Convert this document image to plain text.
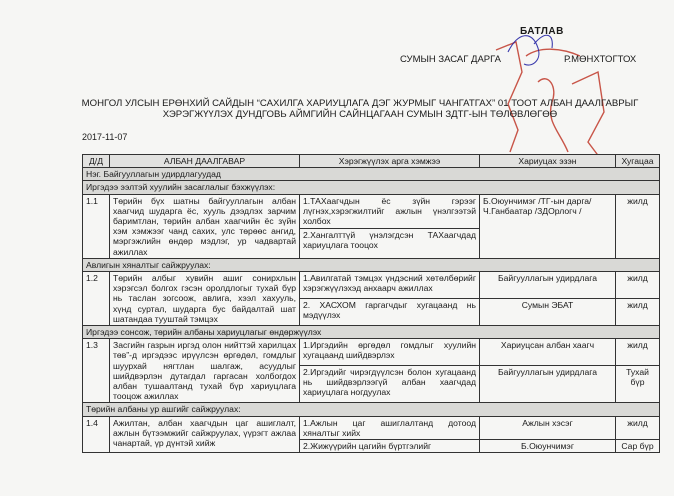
БАТЛАВ
СУМЫН ЗАСАГ ДАРГА	Р.МӨНХТОГТОХ
МОНГОЛ УЛСЫН ЕРӨНХИЙ САЙДЫН “САХИЛГА ХАРИУЦЛАГА ДЭГ ЖУРМЫГ ЧАНГАТГАХ” 01 ТООТ АЛБАН ДААЛГАВРЫГ
ХЭРЭГЖҮҮЛЭХ ДУНДГОВЬ АЙМГИЙН САЙНЦАГААН СУМЫН ЗДТГ-ЫН ТӨЛӨВЛӨГӨӨ
2017-11-07
Д/Д	АЛБАН ДААЛГАВАР	Хэрэгжүүлэх арга хэмжээ	Хариуцах эзэн	Хугацаа
Нэг. Байгууллагын удирдлагуудад				
Иргэдээ ээлтэй хуулийн засаглалыг бэхжүүлэх:				
1.1	Төрийн бүх шатны байгууллагын албан хаагчид шударга ёс, хууль дээдлэх зарчим баримтлан, төрийн албан хаагчийн ёс зүйн хэм хэмжээг чанд сахих, улс төрөөс ангид, мэргэжлийн өндөр мэдлэг, ур чадвартай ажиллах	1.ТАХаагчдын ёс зүйн гэрээг лүгнэх,хэрэгжилтийг ажлын үнэлгээтэй холбох
2.Хангалттүй үнэлэгдсэн ТАХаагчдад хариуцлага тооцох	Б.Оюунчимэг /ТГ-ын дарга/ Ч.Ганбаатар /ЗДОрлогч /	жилд
Авлигын хяналтыг сайжруулах:				
1.2	Төрийн албыг хувийн ашиг сонирхлын хэрэгсэл болгох гэсэн оролдлогыг тухай бүр нь таслан зогсоож, авлига, хээл хахууль, хүнд суртал, шударга бус байдалтай шат шатандаа тууштай тэмцэх	1.Авилгатай тэмцэх үндэсний хөтөлбөрийг хэрэгжүүлэхэд анхаарч ажиллах	Байгууллагын удирдлага	жилд
		2. ХАСХОМ гаргагчдыг хугацаанд нь мэдүүлэх	Сумын ЭБАТ	жилд
Иргэдээ сонсож, төрийн албаны хариуцлагыг өндөржүүлэх				
1.3	Засгийн газрын иргэд олон нийттэй харилцах төв”-д иргэдээс ирүүлсэн өргөдөл, гомдлыг шуурхай нягтлан шалгаж, асуудлыг шийдвэрлэн дутагдал гаргасан холбогдох албан тушаалтанд тухай бүр хариуцлага тооцож ажиллах	1.Иргэдийн өргөдөл гомдлыг хуулийн хугацаанд шийдвэрлэх	Хариуцсан албан хаагч	жилд
		2.Иргэдийг чирэгдүүлсэн болон хугацаанд нь шийдвэрлээгүй албан хаагчдад хариуцлага ногдуулах	Байгууллагын удирдлага	Тухай бүр
Төрийн албаны ур ашгийг сайжруулах:				
1.4	Ажилтан, албан хаагчдын цаг ашиглалт, ажлын бүтээмжийг сайжруулах, үүрэгт ажлаа чанартай, үр дүнтэй хийж	1.Ажлын цаг ашиглалтанд дотоод хяналтыг хийх	Ажлын хэсэг	жилд
		2.Жижүүрийн цагийн бүртгэлийг	Б.Оюунчимэг	Сар бүр
